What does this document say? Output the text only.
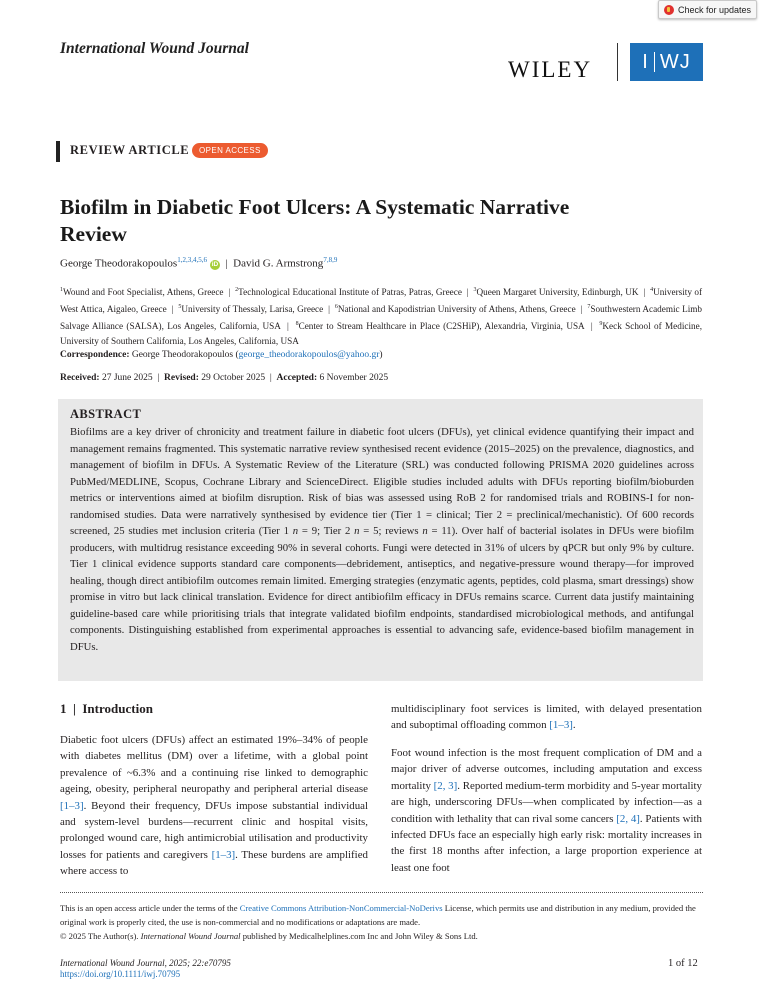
Check for updates
International Wound Journal
WILEY	I WJ
REVIEW ARTICLE	OPEN ACCESS
Biofilm in Diabetic Foot Ulcers: A Systematic Narrative Review
George Theodorakopoulos$^{1,2,3,4,5,6}$iD | David G. Armstrong$^{7,8,9}$
$^1$Wound and Foot Specialist, Athens, Greece  |  $^2$Technological Educational Institute of Patras, Patras, Greece  |  $^3$Queen Margaret University, Edinburgh, UK  |  $^4$University of West Attica, Aigaleo, Greece  |  $^5$University of Thessaly, Larisa, Greece  |  $^6$National and Kapodistrian University of Athens, Athens, Greece  |  $^7$Southwestern Academic Limb Salvage Alliance (SALSA), Los Angeles, California, USA  |  $^8$Center to Stream Healthcare in Place (C2SHiP), Alexandria, Virginia, USA  |  $^9$Keck School of Medicine, University of Southern California, Los Angeles, California, USA
Correspondence: George Theodorakopoulos (george_theodorakopoulos@yahoo.gr)
Received: 27 June 2025  |  Revised: 29 October 2025  |  Accepted: 6 November 2025
ABSTRACT
Biofilms are a key driver of chronicity and treatment failure in diabetic foot ulcers (DFUs), yet clinical evidence quantifying their impact and management remains fragmented. This systematic narrative review synthesised recent evidence (2015–2025) on the prevalence, diagnostics, and management of biofilm in DFUs. A Systematic Review of the Literature (SRL) was conducted following PRISMA 2020 guidelines across PubMed/MEDLINE, Scopus, Cochrane Library and ScienceDirect. Eligible studies included adults with DFUs reporting biofilm/bioburden metrics or interventions aimed at biofilm disruption. Risk of bias was assessed using RoB 2 for randomised trials and ROBINS-I for non-randomised studies. Data were narratively synthesised by evidence tier (Tier 1 = clinical; Tier 2 = preclinical/mechanistic). Of 600 records screened, 25 studies met inclusion criteria (Tier 1 n = 9; Tier 2 n = 5; reviews n = 11). Over half of bacterial isolates in DFUs were biofilm producers, with multidrug resistance exceeding 90% in several cohorts. Fungi were detected in 31% of ulcers by qPCR but only 9% by culture. Tier 1 clinical evidence supports standard care components—debridement, antiseptics, and negative-pressure wound therapy—for improved healing, though direct antibiofilm outcomes remain limited. Emerging strategies (enzymatic agents, peptides, cold plasma, smart dressings) show promise in vitro but lack clinical translation. Evidence for direct antibiofilm efficacy in DFUs remains scarce. Current data justify maintaining guideline-based care while prioritising trials that integrate validated biofilm endpoints, standardised microbiological methods, and antifungal components. Distinguishing established from experimental approaches is essential to advancing safe, evidence-based biofilm management in DFUs.
1 | Introduction
Diabetic foot ulcers (DFUs) affect an estimated 19%–34% of people with diabetes mellitus (DM) over a lifetime, with a global point prevalence of ~6.3% and a continuing rise linked to demographic ageing, obesity, peripheral neuropathy and peripheral arterial disease [1–3]. Beyond their frequency, DFUs impose substantial individual and system-level burdens—recurrent clinic and hospital visits, prolonged wound care, high antimicrobial utilisation and productivity losses for patients and caregivers [1–3]. These burdens are amplified where access to
multidisciplinary foot services is limited, with delayed presentation and suboptimal offloading common [1–3].
Foot wound infection is the most frequent complication of DM and a major driver of adverse outcomes, including amputation and excess mortality [2, 3]. Reported medium-term morbidity and 5-year mortality are high, underscoring DFUs—when complicated by infection—as a condition with lethality that can rival some cancers [2, 4]. Patients with infected DFUs face an especially high early risk: mortality increases in the first 18 months after infection, a large proportion experience at least one foot
This is an open access article under the terms of the Creative Commons Attribution-NonCommercial-NoDerivs License, which permits use and distribution in any medium, provided the original work is properly cited, the use is non-commercial and no modifications or adaptations are made.
© 2025 The Author(s). International Wound Journal published by Medicalhelplines.com Inc and John Wiley & Sons Ltd.
International Wound Journal, 2025; 22:e70795
https://doi.org/10.1111/iwj.70795
1 of 12
